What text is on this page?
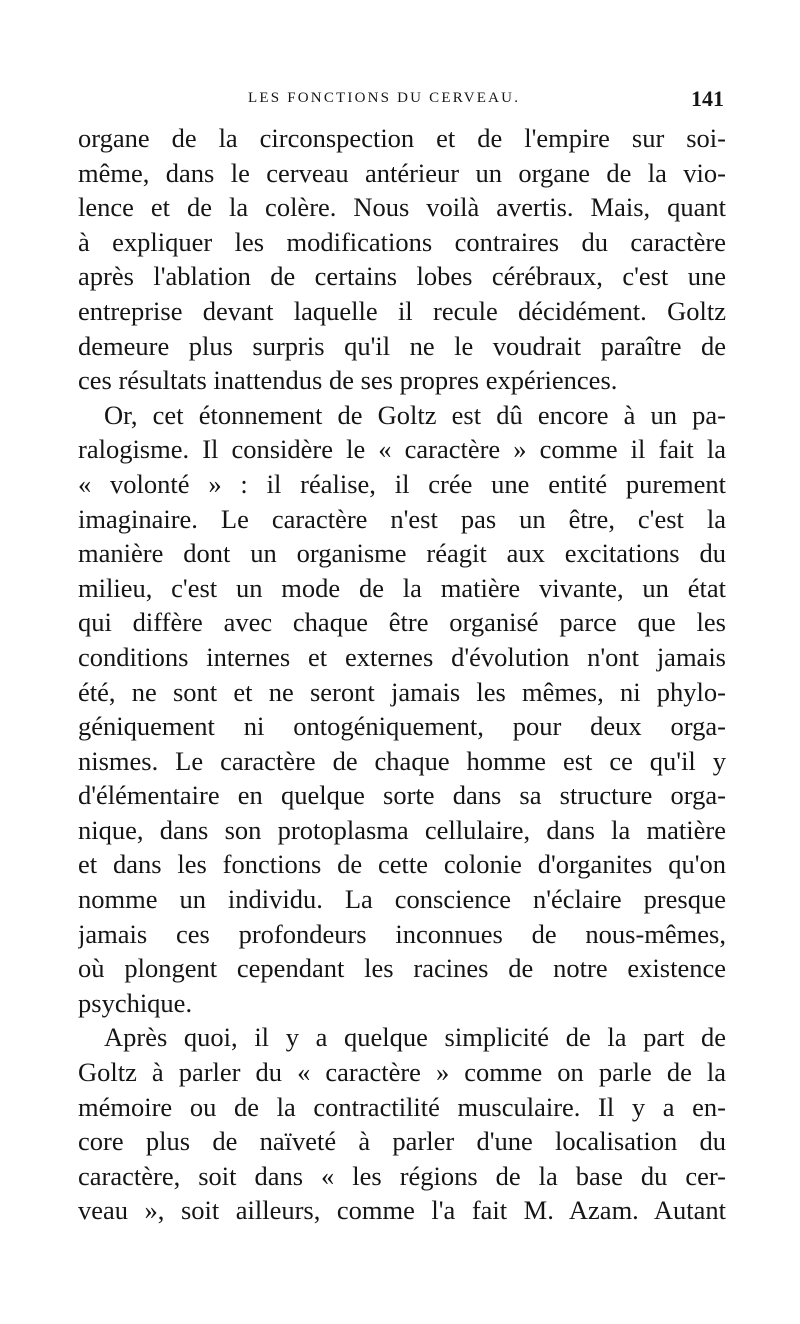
LES FONCTIONS DU CERVEAU.	141
organe de la circonspection et de l'empire sur soi-
même, dans le cerveau antérieur un organe de la vio-
lence et de la colère. Nous voilà avertis. Mais, quant
à expliquer les modifications contraires du caractère
après l'ablation de certains lobes cérébraux, c'est une
entreprise devant laquelle il recule décidément. Goltz
demeure plus surpris qu'il ne le voudrait paraître de
ces résultats inattendus de ses propres expériences.
Or, cet étonnement de Goltz est dû encore à un pa-
ralogisme. Il considère le « caractère » comme il fait la
« volonté » : il réalise, il crée une entité purement
imaginaire. Le caractère n'est pas un être, c'est la
manière dont un organisme réagit aux excitations du
milieu, c'est un mode de la matière vivante, un état
qui diffère avec chaque être organisé parce que les
conditions internes et externes d'évolution n'ont jamais
été, ne sont et ne seront jamais les mêmes, ni phylo-
géniquement ni ontogéniquement, pour deux orga-
nismes. Le caractère de chaque homme est ce qu'il y
d'élémentaire en quelque sorte dans sa structure orga-
nique, dans son protoplasma cellulaire, dans la matière
et dans les fonctions de cette colonie d'organites qu'on
nomme un individu. La conscience n'éclaire presque
jamais ces profondeurs inconnues de nous-mêmes,
où plongent cependant les racines de notre existence
psychique.
Après quoi, il y a quelque simplicité de la part de
Goltz à parler du « caractère » comme on parle de la
mémoire ou de la contractilité musculaire. Il y a en-
core plus de naïveté à parler d'une localisation du
caractère, soit dans « les régions de la base du cer-
veau », soit ailleurs, comme l'a fait M. Azam. Autant
